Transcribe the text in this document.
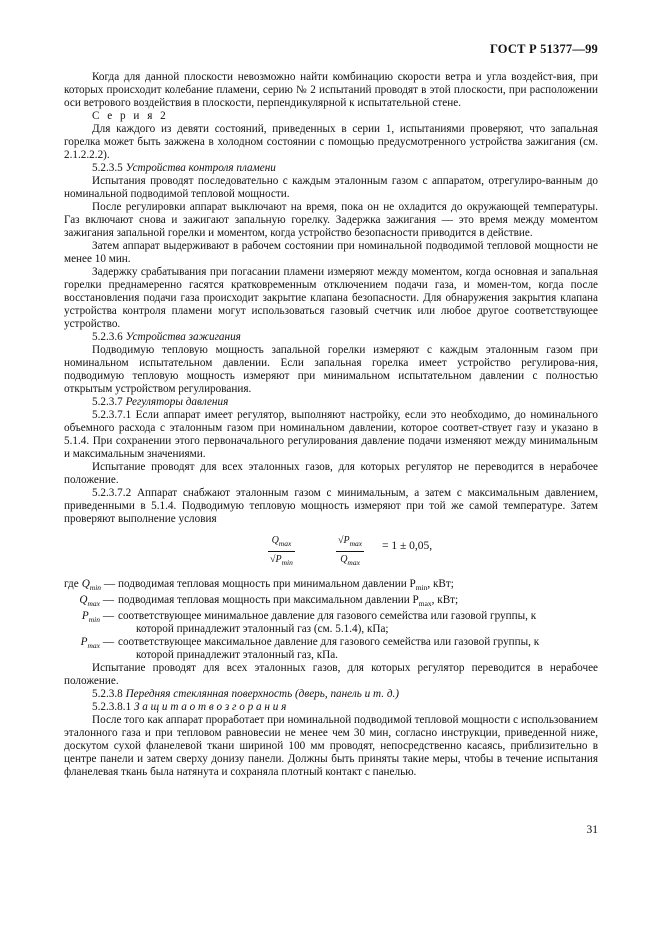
ГОСТ Р 51377—99

Когда для данной плоскости невозможно найти комбинацию скорости ветра и угла воздейст-вия, при которых происходит колебание пламени, серию № 2 испытаний проводят в этой плоскости, при расположении оси ветрового воздействия в плоскости, перпендикулярной к испытательной стене.

С е р и я 2

Для каждого из девяти состояний, приведенных в серии 1, испытаниями проверяют, что запальная горелка может быть зажжена в холодном состоянии с помощью предусмотренного устройства зажигания (см. 2.1.2.2.2).

5.2.3.5 Устройства контроля пламени

Испытания проводят последовательно с каждым эталонным газом с аппаратом, отрегулиро-ванным до номинальной подводимой тепловой мощности.

После регулировки аппарат выключают на время, пока он не охладится до окружающей температуры. Газ включают снова и зажигают запальную горелку. Задержка зажигания — это время между моментом зажигания запальной горелки и моментом, когда устройство безопасности приводится в действие.

Затем аппарат выдерживают в рабочем состоянии при номинальной подводимой тепловой мощности не менее 10 мин.

Задержку срабатывания при погасании пламени измеряют между моментом, когда основная и запальная горелки преднамеренно гасятся кратковременным отключением подачи газа, и момен-том, когда после восстановления подачи газа происходит закрытие клапана безопасности. Для обнаружения закрытия клапана устройства контроля пламени могут использоваться газовый счетчик или любое другое соответствующее устройство.

5.2.3.6 Устройства зажигания

Подводимую тепловую мощность запальной горелки измеряют с каждым эталонным газом при номинальном испытательном давлении. Если запальная горелка имеет устройство регулирова-ния, подводимую тепловую мощность измеряют при минимальном испытательном давлении с полностью открытым устройством регулирования.

5.2.3.7 Регуляторы давления

5.2.3.7.1 Если аппарат имеет регулятор, выполняют настройку, если это необходимо, до номинального объемного расхода с эталонным газом при номинальном давлении, которое соответ-ствует газу и указано в 5.1.4. При сохранении этого первоначального регулирования давление подачи изменяют между минимальным и максимальным значениями.

Испытание проводят для всех эталонных газов, для которых регулятор не переводится в нерабочее положение.

5.2.3.7.2 Аппарат снабжают эталонным газом с минимальным, а затем с максимальным давлением, приведенными в 5.1.4. Подводимую тепловую мощность измеряют при той же самой температуре. Затем проверяют выполнение условия

$Q_{max}$
$√P_{min}$
$√P_{max}$
$Q_{max}$
= 1 ± 0,05,
где $Q_{min}$ — подводимая тепловая мощность при минимальном давлении $P_{min}$, кВт;
$Q_{max}$ — подводимая тепловая мощность при максимальном давлении $P_{max}$, кВт;
$P_{min}$ — соответствующее минимальное давление для газового семейства или газовой группы, к
которой принадлежит эталонный газ (см. 5.1.4), кПа;
$P_{max}$ — соответствующее максимальное давление для газового семейства или газовой группы, к
которой принадлежит эталонный газ, кПа.

Испытание проводят для всех эталонных газов, для которых регулятор переводится в нерабочее положение.

5.2.3.8 Передняя стеклянная поверхность (дверь, панель и т. д.)

5.2.3.8.1 З а щ и т а о т в о з г о р а н и я

После того как аппарат проработает при номинальной подводимой тепловой мощности с использованием эталонного газа и при тепловом равновесии не менее чем 30 мин, согласно инструкции, приведенной ниже, доскутом сухой фланелевой ткани шириной 100 мм проводят, непосредственно касаясь, приблизительно в центре панели и затем сверху донизу панели. Должны быть приняты такие меры, чтобы в течение испытания фланелевая ткань была натянута и сохраняла плотный контакт с панелью.

31
